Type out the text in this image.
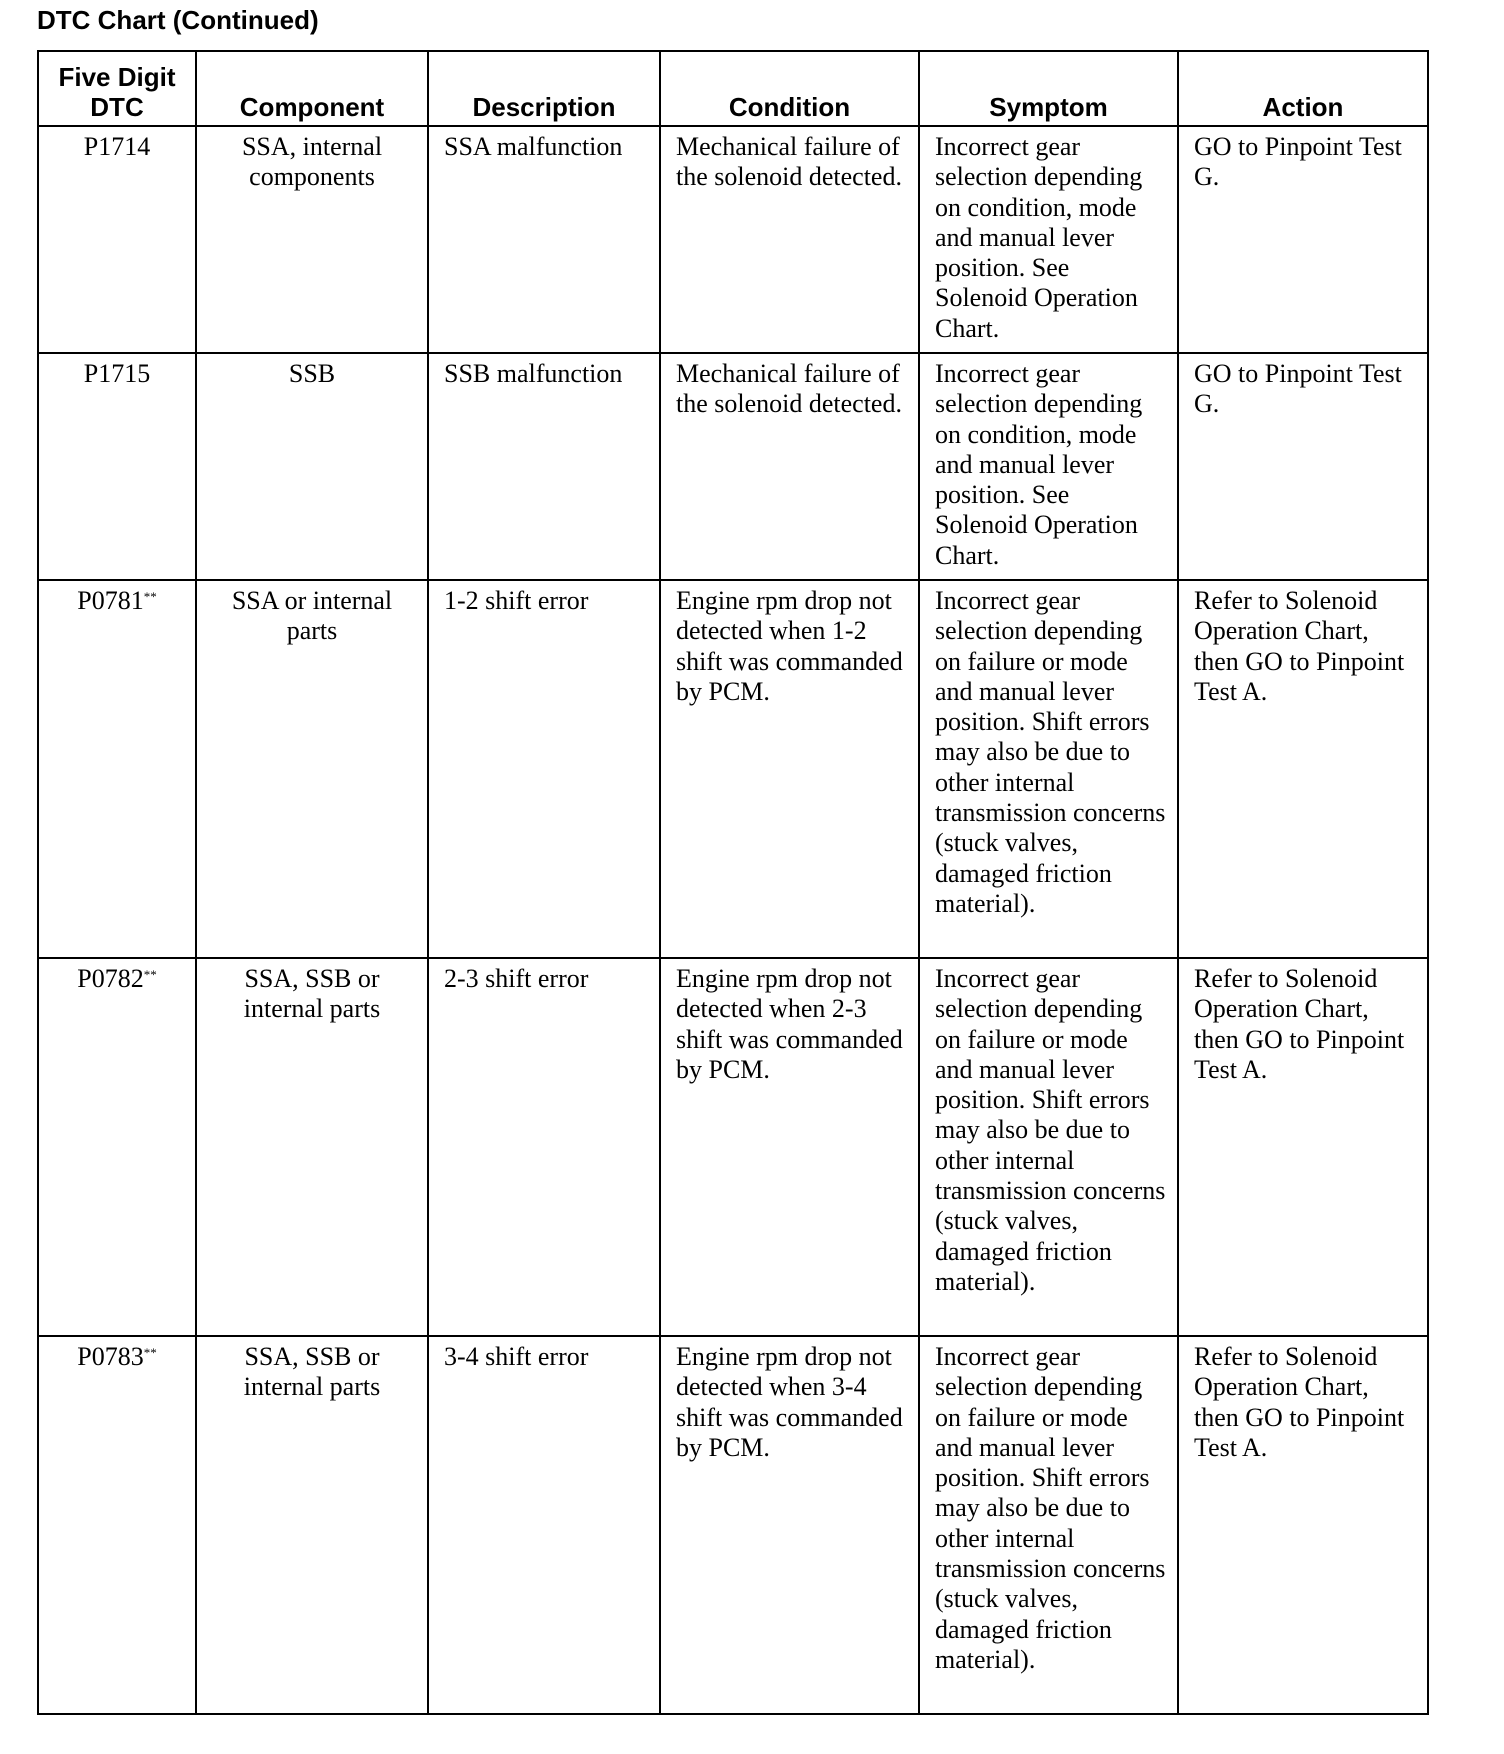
DTC Chart (Continued)
Five Digit DTC	Component	Description	Condition	Symptom	Action
P1714	SSA, internal components	SSA malfunction	Mechanical failure of the solenoid detected.	Incorrect gear selection depending on condition, mode and manual lever position. See Solenoid Operation Chart.	GO to Pinpoint Test G.
P1715	SSB	SSB malfunction	Mechanical failure of the solenoid detected.	Incorrect gear selection depending on condition, mode and manual lever position. See Solenoid Operation Chart.	GO to Pinpoint Test G.
P0781**	SSA or internal parts	1-2 shift error	Engine rpm drop not detected when 1-2 shift was commanded by PCM.	Incorrect gear selection depending on failure or mode and manual lever position. Shift errors may also be due to other internal transmission concerns (stuck valves, damaged friction material).	Refer to Solenoid Operation Chart, then GO to Pinpoint Test A.
P0782**	SSA, SSB or internal parts	2-3 shift error	Engine rpm drop not detected when 2-3 shift was commanded by PCM.	Incorrect gear selection depending on failure or mode and manual lever position. Shift errors may also be due to other internal transmission concerns (stuck valves, damaged friction material).	Refer to Solenoid Operation Chart, then GO to Pinpoint Test A.
P0783**	SSA, SSB or internal parts	3-4 shift error	Engine rpm drop not detected when 3-4 shift was commanded by PCM.	Incorrect gear selection depending on failure or mode and manual lever position. Shift errors may also be due to other internal transmission concerns (stuck valves, damaged friction material).	Refer to Solenoid Operation Chart, then GO to Pinpoint Test A.
